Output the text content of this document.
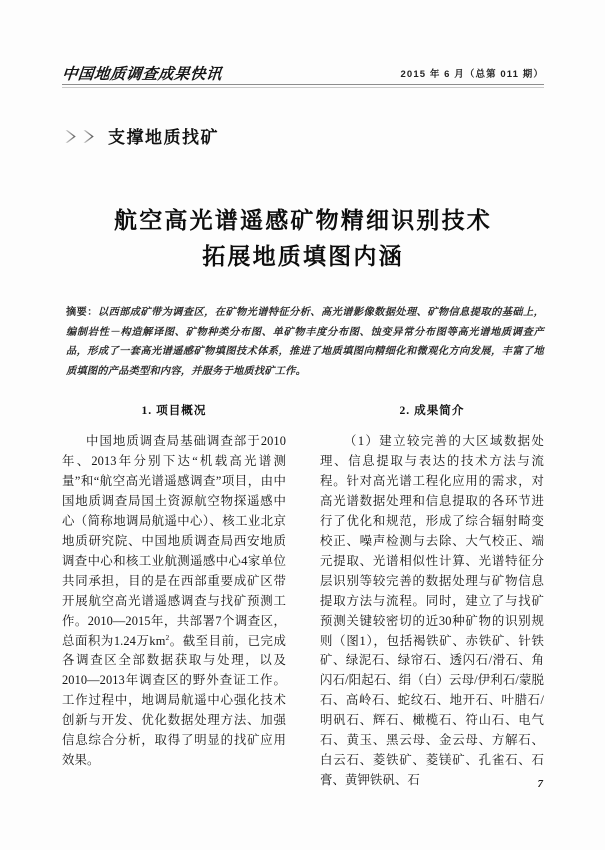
中国地质调查成果快讯	2015 年 6 月（总第 011 期）
支撑地质找矿
航空高光谱遥感矿物精细识别技术
拓展地质填图内涵
摘要：以西部成矿带为调查区，在矿物光谱特征分析、高光谱影像数据处理、矿物信息提取的基础上，编制岩性－构造解译图、矿物种类分布图、单矿物丰度分布图、蚀变异常分布图等高光谱地质调查产品，形成了一套高光谱遥感矿物填图技术体系，推进了地质填图向精细化和微观化方向发展，丰富了地质填图的产品类型和内容，并服务于地质找矿工作。
1. 项目概况

中国地质调查局基础调查部于2010年、2013年分别下达“机载高光谱测量”和“航空高光谱遥感调查”项目，由中国地质调查局国土资源航空物探遥感中心（简称地调局航遥中心）、核工业北京地质研究院、中国地质调查局西安地质调查中心和核工业航测遥感中心4家单位共同承担，目的是在西部重要成矿区带开展航空高光谱遥感调查与找矿预测工作。2010—2015年，共部署7个调查区，总面积为1.24万$km^2$。截至目前，已完成各调查区全部数据获取与处理，以及2010—2013年调查区的野外查证工作。工作过程中，地调局航遥中心强化技术创新与开发、优化数据处理方法、加强信息综合分析，取得了明显的找矿应用效果。

2. 成果简介

（1）建立较完善的大区域数据处理、信息提取与表达的技术方法与流程。针对高光谱工程化应用的需求，对高光谱数据处理和信息提取的各环节进行了优化和规范，形成了综合辐射畸变校正、噪声检测与去除、大气校正、端元提取、光谱相似性计算、光谱特征分层识别等较完善的数据处理与矿物信息提取方法与流程。同时，建立了与找矿预测关键较密切的近30种矿物的识别规则（图1），包括褐铁矿、赤铁矿、针铁矿、绿泥石、绿帘石、透闪石/滑石、角闪石/阳起石、绢（白）云母/伊利石/蒙脱石、高岭石、蛇纹石、地开石、叶腊石/明矾石、辉石、橄榄石、符山石、电气石、黄玉、黑云母、金云母、方解石、白云石、菱铁矿、菱镁矿、孔雀石、石膏、黄钾铁矾、石	7
